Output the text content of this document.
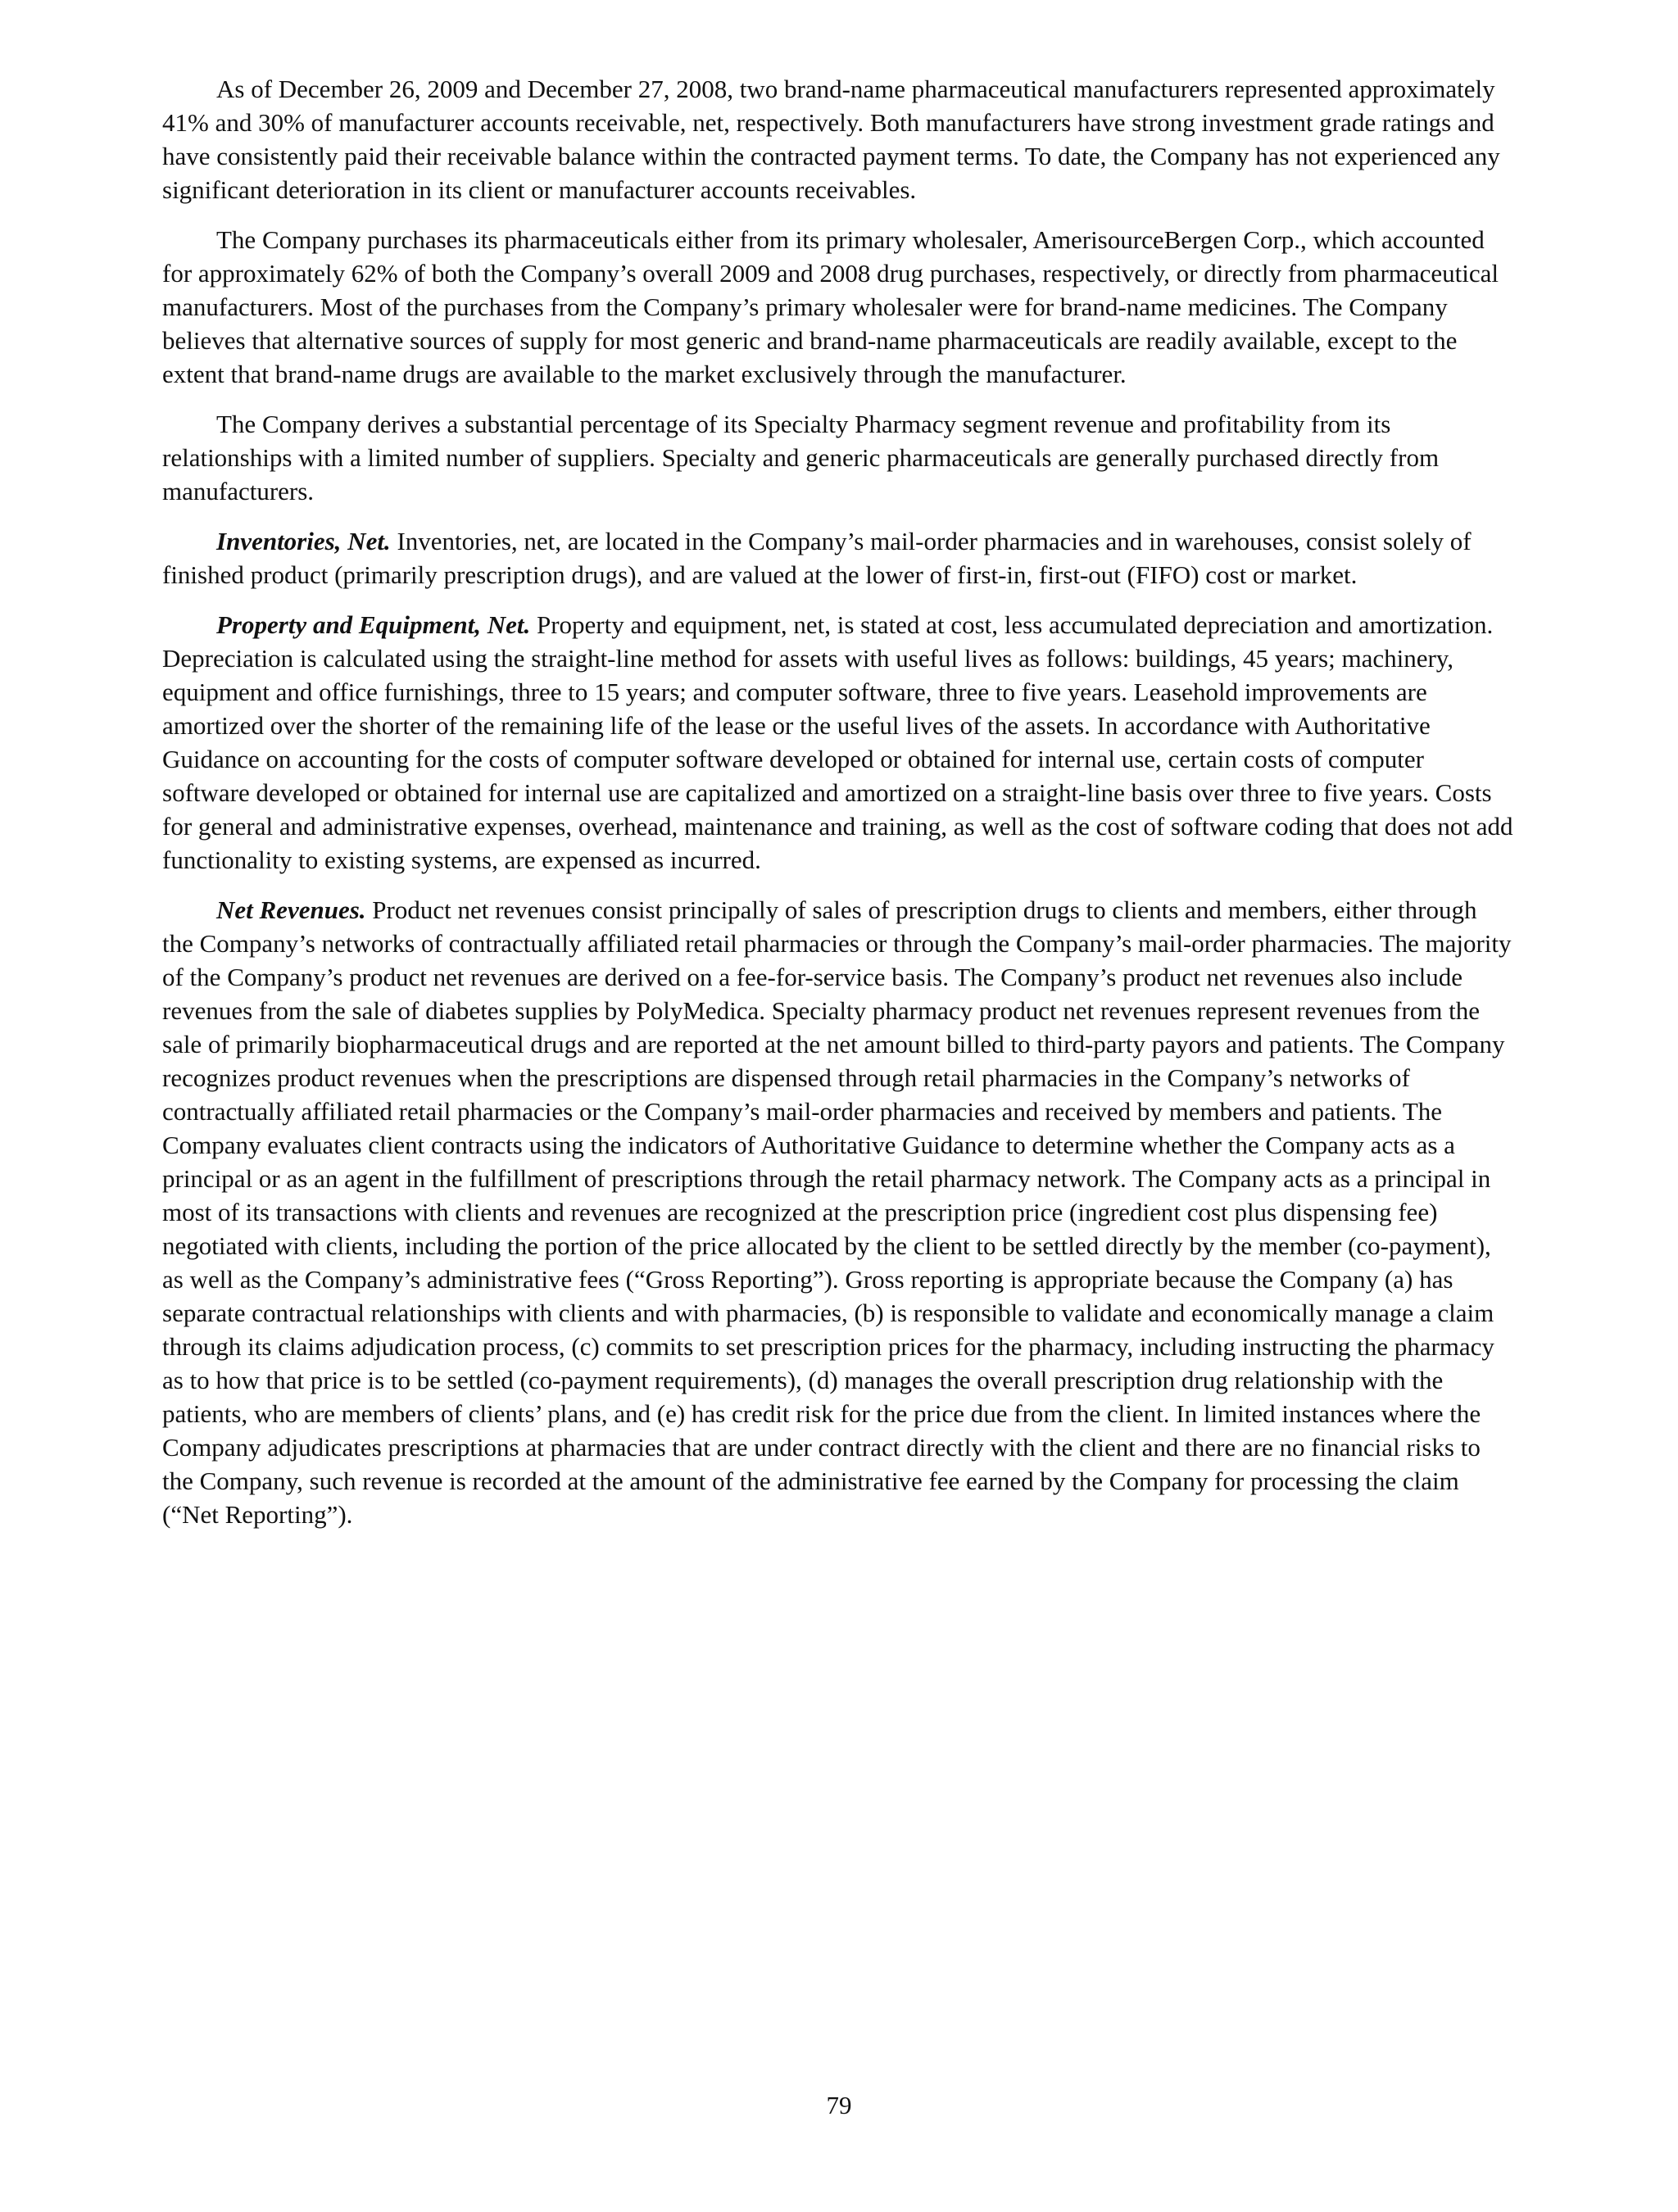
As of December 26, 2009 and December 27, 2008, two brand-name pharmaceutical manufacturers represented approximately 41% and 30% of manufacturer accounts receivable, net, respectively. Both manufacturers have strong investment grade ratings and have consistently paid their receivable balance within the contracted payment terms. To date, the Company has not experienced any significant deterioration in its client or manufacturer accounts receivables.

The Company purchases its pharmaceuticals either from its primary wholesaler, AmerisourceBergen Corp., which accounted for approximately 62% of both the Company’s overall 2009 and 2008 drug purchases, respectively, or directly from pharmaceutical manufacturers. Most of the purchases from the Company’s primary wholesaler were for brand-name medicines. The Company believes that alternative sources of supply for most generic and brand-name pharmaceuticals are readily available, except to the extent that brand-name drugs are available to the market exclusively through the manufacturer.

The Company derives a substantial percentage of its Specialty Pharmacy segment revenue and profitability from its relationships with a limited number of suppliers. Specialty and generic pharmaceuticals are generally purchased directly from manufacturers.

Inventories, Net. Inventories, net, are located in the Company’s mail-order pharmacies and in warehouses, consist solely of finished product (primarily prescription drugs), and are valued at the lower of first-in, first-out (FIFO) cost or market.

Property and Equipment, Net. Property and equipment, net, is stated at cost, less accumulated depreciation and amortization. Depreciation is calculated using the straight-line method for assets with useful lives as follows: buildings, 45 years; machinery, equipment and office furnishings, three to 15 years; and computer software, three to five years. Leasehold improvements are amortized over the shorter of the remaining life of the lease or the useful lives of the assets. In accordance with Authoritative Guidance on accounting for the costs of computer software developed or obtained for internal use, certain costs of computer software developed or obtained for internal use are capitalized and amortized on a straight-line basis over three to five years. Costs for general and administrative expenses, overhead, maintenance and training, as well as the cost of software coding that does not add functionality to existing systems, are expensed as incurred.

Net Revenues. Product net revenues consist principally of sales of prescription drugs to clients and members, either through the Company’s networks of contractually affiliated retail pharmacies or through the Company’s mail-order pharmacies. The majority of the Company’s product net revenues are derived on a fee-for-service basis. The Company’s product net revenues also include revenues from the sale of diabetes supplies by PolyMedica. Specialty pharmacy product net revenues represent revenues from the sale of primarily biopharmaceutical drugs and are reported at the net amount billed to third-party payors and patients. The Company recognizes product revenues when the prescriptions are dispensed through retail pharmacies in the Company’s networks of contractually affiliated retail pharmacies or the Company’s mail-order pharmacies and received by members and patients. The Company evaluates client contracts using the indicators of Authoritative Guidance to determine whether the Company acts as a principal or as an agent in the fulfillment of prescriptions through the retail pharmacy network. The Company acts as a principal in most of its transactions with clients and revenues are recognized at the prescription price (ingredient cost plus dispensing fee) negotiated with clients, including the portion of the price allocated by the client to be settled directly by the member (co-payment), as well as the Company’s administrative fees (“Gross Reporting”). Gross reporting is appropriate because the Company (a) has separate contractual relationships with clients and with pharmacies, (b) is responsible to validate and economically manage a claim through its claims adjudication process, (c) commits to set prescription prices for the pharmacy, including instructing the pharmacy as to how that price is to be settled (co-payment requirements), (d) manages the overall prescription drug relationship with the patients, who are members of clients’ plans, and (e) has credit risk for the price due from the client. In limited instances where the Company adjudicates prescriptions at pharmacies that are under contract directly with the client and there are no financial risks to the Company, such revenue is recorded at the amount of the administrative fee earned by the Company for processing the claim (“Net Reporting”).

79
